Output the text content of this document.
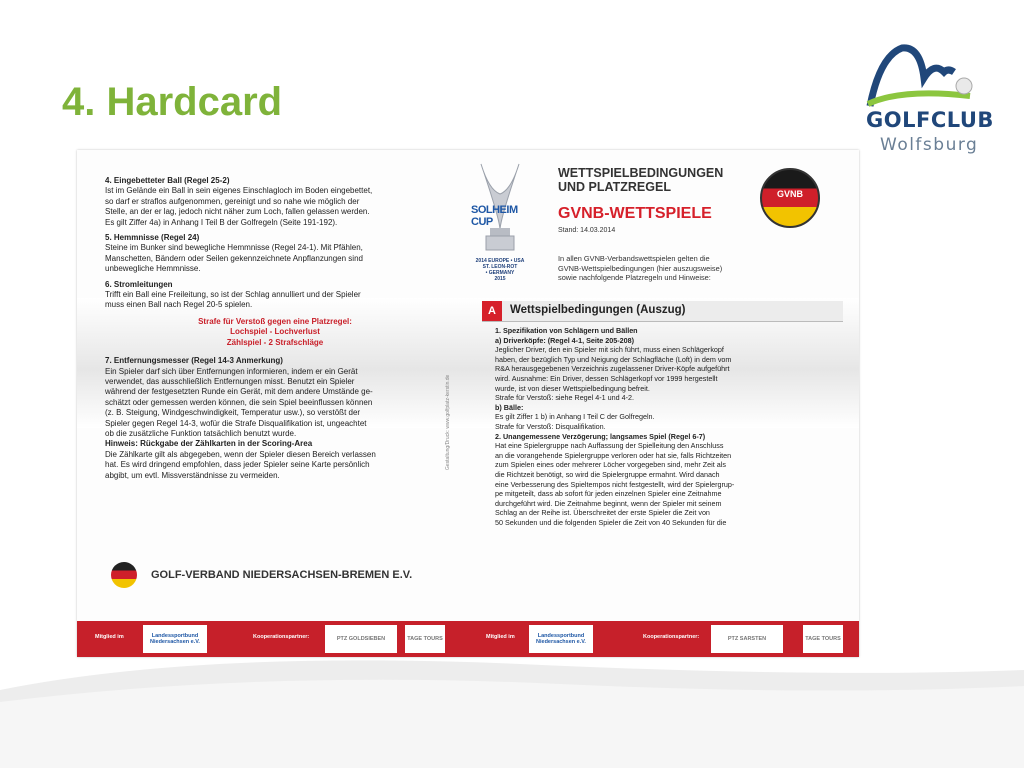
4. Hardcard	GOLFCLUB
Wolfsburg
4. Eingebetteter Ball (Regel 25-2)
Ist im Gelände ein Ball in sein eigenes Einschlagloch im Boden eingebettet,
so darf er straflos aufgenommen, gereinigt und so nahe wie möglich der
Stelle, an der er lag, jedoch nicht näher zum Loch, fallen gelassen werden.
Es gilt Ziffer 4a) in Anhang I Teil B der Golfregeln (Seite 191-192).
5. Hemmnisse (Regel 24)
Steine im Bunker sind bewegliche Hemmnisse (Regel 24-1). Mit Pfählen,
Manschetten, Bändern oder Seilen gekennzeichnete Anpflanzungen sind
unbewegliche Hemmnisse.
6. Stromleitungen
Trifft ein Ball eine Freileitung, so ist der Schlag annulliert und der Spieler
muss einen Ball nach Regel 20-5 spielen.
Strafe für Verstoß gegen eine Platzregel:
Lochspiel - Lochverlust
Zählspiel - 2 Strafschläge
7. Entfernungsmesser (Regel 14-3 Anmerkung)
Ein Spieler darf sich über Entfernungen informieren, indem er ein Gerät
verwendet, das ausschließlich Entfernungen misst. Benutzt ein Spieler
während der festgesetzten Runde ein Gerät, mit dem andere Umstände ge-
schätzt oder gemessen werden können, die sein Spiel beeinflussen können
(z. B. Steigung, Windgeschwindigkeit, Temperatur usw.), so verstößt der
Spieler gegen Regel 14-3, wofür die Strafe Disqualifikation ist, ungeachtet
ob die zusätzliche Funktion tatsächlich benutzt wurde.
Hinweis: Rückgabe der Zählkarten in der Scoring-Area
Die Zählkarte gilt als abgegeben, wenn der Spieler diesen Bereich verlassen
hat. Es wird dringend empfohlen, dass jeder Spieler seine Karte persönlich
abgibt, um evtl. Missverständnisse zu vermeiden.
GOLF-VERBAND NIEDERSACHSEN-BREMEN E.V.
Gestaltung/Druck: www.golfplatz-kerstin.de
SOLHEIM CUP
2014 EUROPE • USA
ST. LEON-ROT
• GERMANY
2015
WETTSPIELBEDINGUNGEN
UND PLATZREGEL
GVNB-WETTSPIELE
Stand: 14.03.2014
GVNB

In allen GVNB-Verbandswettspielen gelten die

GVNB-Wettspielbedingungen (hier auszugsweise)

sowie nachfolgende Platzregeln und Hinweise:

A	Wettspielbedingungen (Auszug)
1. Spezifikation von Schlägern und Bällen
a) Driverköpfe: (Regel 4-1, Seite 205-208)
Jeglicher Driver, den ein Spieler mit sich führt, muss einen Schlägerkopf
haben, der bezüglich Typ und Neigung der Schlagfläche (Loft) in dem vom
R&A herausgegebenen Verzeichnis zugelassener Driver-Köpfe aufgeführt
wird. Ausnahme: Ein Driver, dessen Schlägerkopf vor 1999 hergestellt
wurde, ist von dieser Wettspielbedingung befreit.
Strafe für Verstoß: siehe Regel 4-1 und 4-2.
b) Bälle:
Es gilt Ziffer 1 b) in Anhang I Teil C der Golfregeln.
Strafe für Verstoß: Disqualifikation.
2. Unangemessene Verzögerung; langsames Spiel (Regel 6-7)
Hat eine Spielergruppe nach Auffassung der Spielleitung den Anschluss
an die vorangehende Spielergruppe verloren oder hat sie, falls Richtzeiten
zum Spielen eines oder mehrerer Löcher vorgegeben sind, mehr Zeit als
die Richtzeit benötigt, so wird die Spielergruppe ermahnt. Wird danach
eine Verbesserung des Spieltempos nicht festgestellt, wird der Spielergrup-
pe mitgeteilt, dass ab sofort für jeden einzelnen Spieler eine Zeitnahme
durchgeführt wird. Die Zeitnahme beginnt, wenn der Spieler mit seinem
Schlag an der Reihe ist. Überschreitet der erste Spieler die Zeit von
50 Sekunden und die folgenden Spieler die Zeit von 40 Sekunden für die
Mitglied im	Landessportbund Niedersachsen e.V.
Kooperationspartner:	PTZ GOLDSIEBEN	TAGE TOURS	Mitglied im	Landessportbund Niedersachsen e.V.
Kooperationspartner:	PTZ SARSTEN	TAGE TOURS
